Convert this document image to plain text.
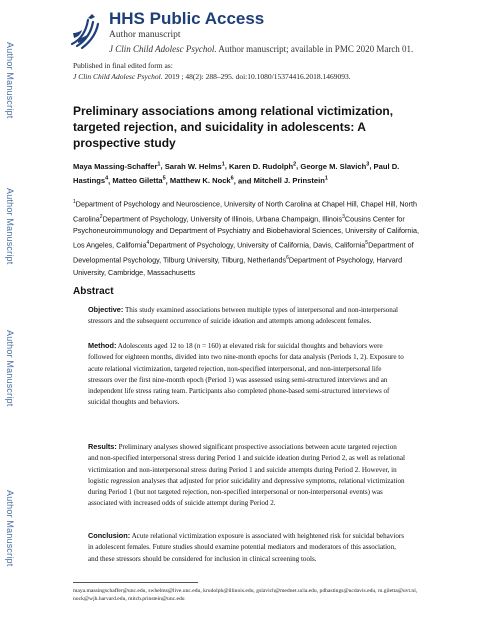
Author Manuscript
Author Manuscript
Author Manuscript
Author Manuscript
HHS Public Access
Author manuscript
J Clin Child Adolesc Psychol. Author manuscript; available in PMC 2020 March 01.
Published in final edited form as:
J Clin Child Adolesc Psychol. 2019 ; 48(2): 288–295. doi:10.1080/15374416.2018.1469093.
Preliminary associations among relational victimization, targeted rejection, and suicidality in adolescents: A prospective study
Maya Massing-Schaffer$^1$, Sarah W. Helms$^1$, Karen D. Rudolph$^2$, George M. Slavich$^3$, Paul D. Hastings$^4$, Matteo Giletta$^5$, Matthew K. Nock$^6$, and Mitchell J. Prinstein$^1$
$^1$Department of Psychology and Neuroscience, University of North Carolina at Chapel Hill, Chapel Hill, North Carolina$^2$Department of Psychology, University of Illinois, Urbana Champaign, Illinois$^3$Cousins Center for Psychoneuroimmunology and Department of Psychiatry and Biobehavioral Sciences, University of California, Los Angeles, California$^4$Department of Psychology, University of California, Davis, California$^5$Department of Developmental Psychology, Tilburg University, Tilburg, Netherlands$^6$Department of Psychology, Harvard University, Cambridge, Massachusetts
Abstract
Objective: This study examined associations between multiple types of interpersonal and non-interpersonal stressors and the subsequent occurrence of suicide ideation and attempts among adolescent females.
Method: Adolescents aged 12 to 18 (n = 160) at elevated risk for suicidal thoughts and behaviors were followed for eighteen months, divided into two nine-month epochs for data analysis (Periods 1, 2). Exposure to acute relational victimization, targeted rejection, non-specified interpersonal, and non-interpersonal life stressors over the first nine-month epoch (Period 1) was assessed using semi-structured interviews and an independent life stress rating team. Participants also completed phone-based semi-structured interviews of suicidal thoughts and behaviors.
Results: Preliminary analyses showed significant prospective associations between acute targeted rejection and non-specified interpersonal stress during Period 1 and suicide ideation during Period 2, as well as relational victimization and non-interpersonal stress during Period 1 and suicide attempts during Period 2. However, in logistic regression analyses that adjusted for prior suicidality and depressive symptoms, relational victimization during Period 1 (but not targeted rejection, non-specified interpersonal or non-interpersonal events) was associated with increased odds of suicide attempt during Period 2.
Conclusion: Acute relational victimization exposure is associated with heightened risk for suicidal behaviors in adolescent females. Future studies should examine potential mediators and moderators of this association, and these stressors should be considered for inclusion in clinical screening tools.
maya.massingschaffer@unc.edu, swhelms@live.unc.edu, krudolph@illinois.edu, gslavich@mednet.ucla.edu, pdhastings@ucdavis.edu, m.giletta@uvt.nl, nock@wjh.harvard.edu, mitch.prinstein@unc.edu
